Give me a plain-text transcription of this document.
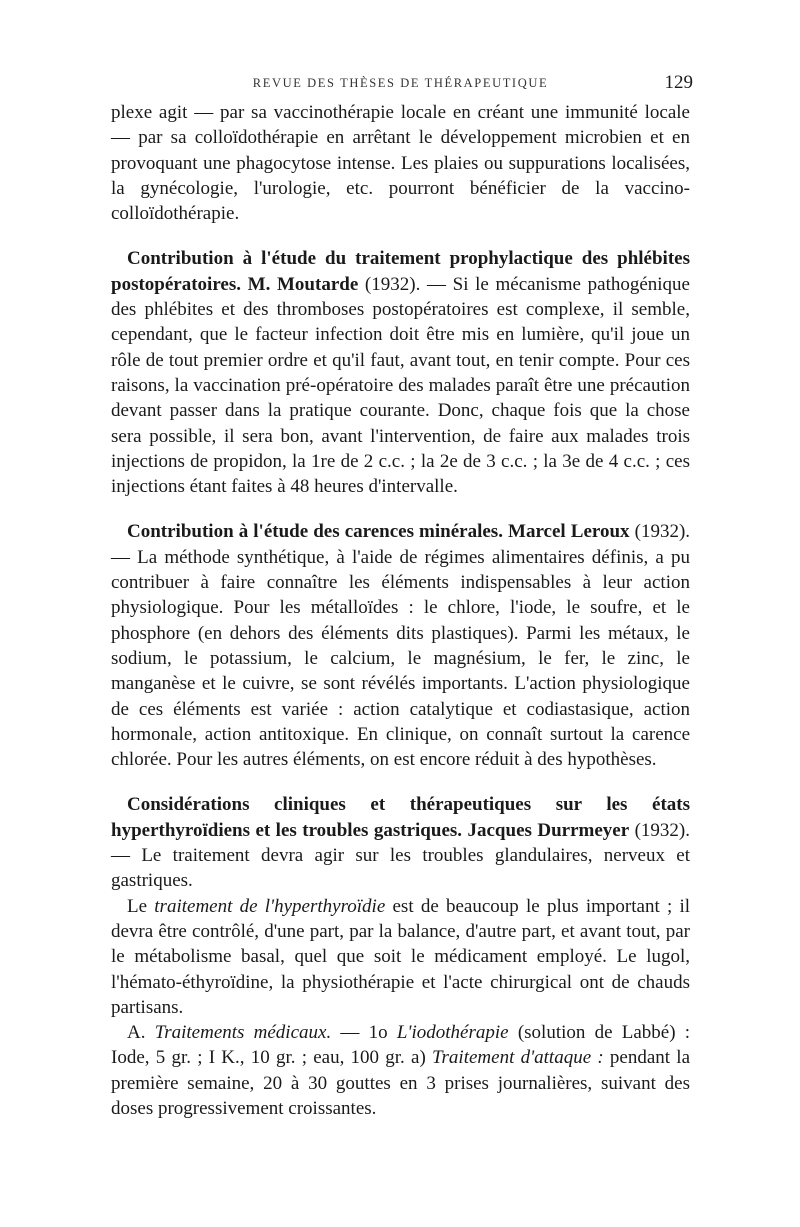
REVUE DES THÈSES DE THÉRAPEUTIQUE	129

plexe agit — par sa vaccinothérapie locale en créant une immunité locale — par sa colloïdothérapie en arrêtant le développement microbien et en provoquant une phagocytose intense. Les plaies ou suppurations localisées, la gynécologie, l'urologie, etc. pourront bénéficier de la vaccino-colloïdothérapie.

Contribution à l'étude du traitement prophylactique des phlébites postopératoires. M. Moutarde (1932). — Si le mécanisme pathogénique des phlébites et des thromboses postopératoires est complexe, il semble, cependant, que le facteur infection doit être mis en lumière, qu'il joue un rôle de tout premier ordre et qu'il faut, avant tout, en tenir compte. Pour ces raisons, la vaccination pré-opératoire des malades paraît être une précaution devant passer dans la pratique courante. Donc, chaque fois que la chose sera possible, il sera bon, avant l'intervention, de faire aux malades trois injections de propidon, la 1re de 2 c.c. ; la 2e de 3 c.c. ; la 3e de 4 c.c. ; ces injections étant faites à 48 heures d'intervalle.

Contribution à l'étude des carences minérales. Marcel Leroux (1932). — La méthode synthétique, à l'aide de régimes alimentaires définis, a pu contribuer à faire connaître les éléments indispensables à leur action physiologique. Pour les métalloïdes : le chlore, l'iode, le soufre, et le phosphore (en dehors des éléments dits plastiques). Parmi les métaux, le sodium, le potassium, le calcium, le magnésium, le fer, le zinc, le manganèse et le cuivre, se sont révélés importants. L'action physiologique de ces éléments est variée : action catalytique et codiastasique, action hormonale, action antitoxique. En clinique, on connaît surtout la carence chlorée. Pour les autres éléments, on est encore réduit à des hypothèses.

Considérations cliniques et thérapeutiques sur les états hyperthyroïdiens et les troubles gastriques. Jacques Durrmeyer (1932). — Le traitement devra agir sur les troubles glandulaires, nerveux et gastriques.

Le traitement de l'hyperthyroïdie est de beaucoup le plus important ; il devra être contrôlé, d'une part, par la balance, d'autre part, et avant tout, par le métabolisme basal, quel que soit le médicament employé. Le lugol, l'hémato-éthyroïdine, la physiothérapie et l'acte chirurgical ont de chauds partisans.

A. Traitements médicaux. — 1o L'iodothérapie (solution de Labbé) : Iode, 5 gr. ; I K., 10 gr. ; eau, 100 gr. a) Traitement d'attaque : pendant la première semaine, 20 à 30 gouttes en 3 prises journalières, suivant des doses progressivement croissantes.
